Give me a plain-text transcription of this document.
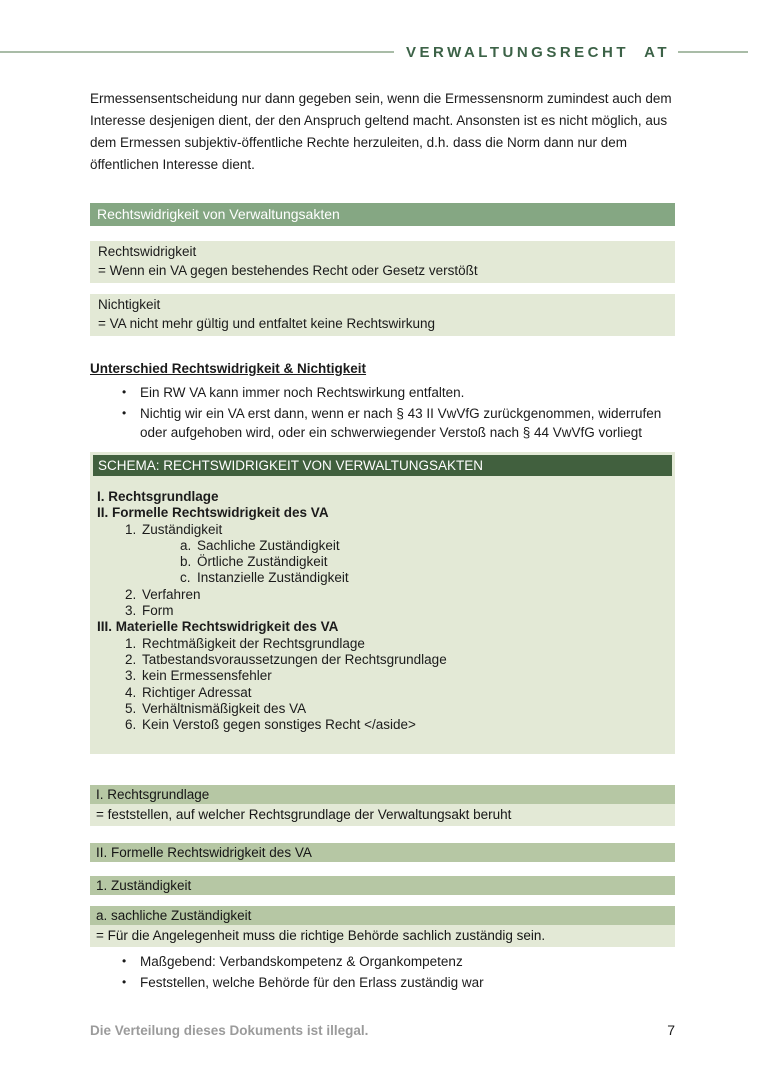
VERWALTUNGSRECHT AT

Ermessensentscheidung nur dann gegeben sein, wenn die Ermessensnorm zumindest auch dem Interesse desjenigen dient, der den Anspruch geltend macht. Ansonsten ist es nicht möglich, aus dem Ermessen subjektiv-öffentliche Rechte herzuleiten, d.h. dass die Norm dann nur dem öffentlichen Interesse dient.

Rechtswidrigkeit von Verwaltungsakten
Rechtswidrigkeit
= Wenn ein VA gegen bestehendes Recht oder Gesetz verstößt
Nichtigkeit
= VA nicht mehr gültig und entfaltet keine Rechtswirkung
Unterschied Rechtswidrigkeit & Nichtigkeit
•	Ein RW VA kann immer noch Rechtswirkung entfalten.
•	Nichtig wir ein VA erst dann, wenn er nach § 43 II VwVfG zurückgenommen, widerrufen oder aufgehoben wird, oder ein schwerwiegender Verstoß nach § 44 VwVfG vorliegt
SCHEMA: RECHTSWIDRIGKEIT VON VERWALTUNGSAKTEN
I. Rechtsgrundlage
II. Formelle Rechtswidrigkeit des VA
1. Zuständigkeit
a. Sachliche Zuständigkeit
b. Örtliche Zuständigkeit
c. Instanzielle Zuständigkeit
2. Verfahren
3. Form
III. Materielle Rechtswidrigkeit des VA
1. Rechtmäßigkeit der Rechtsgrundlage
2. Tatbestandsvoraussetzungen der Rechtsgrundlage
3. kein Ermessensfehler
4. Richtiger Adressat
5. Verhältnismäßigkeit des VA
6. Kein Verstoß gegen sonstiges Recht </aside>
I. Rechtsgrundlage
= feststellen, auf welcher Rechtsgrundlage der Verwaltungsakt beruht
II. Formelle Rechtswidrigkeit des VA
1. Zuständigkeit
a. sachliche Zuständigkeit
= Für die Angelegenheit muss die richtige Behörde sachlich zuständig sein.
•	Maßgebend: Verbandskompetenz & Organkompetenz
•	Feststellen, welche Behörde für den Erlass zuständig war
Die Verteilung dieses Dokuments ist illegal.	7
